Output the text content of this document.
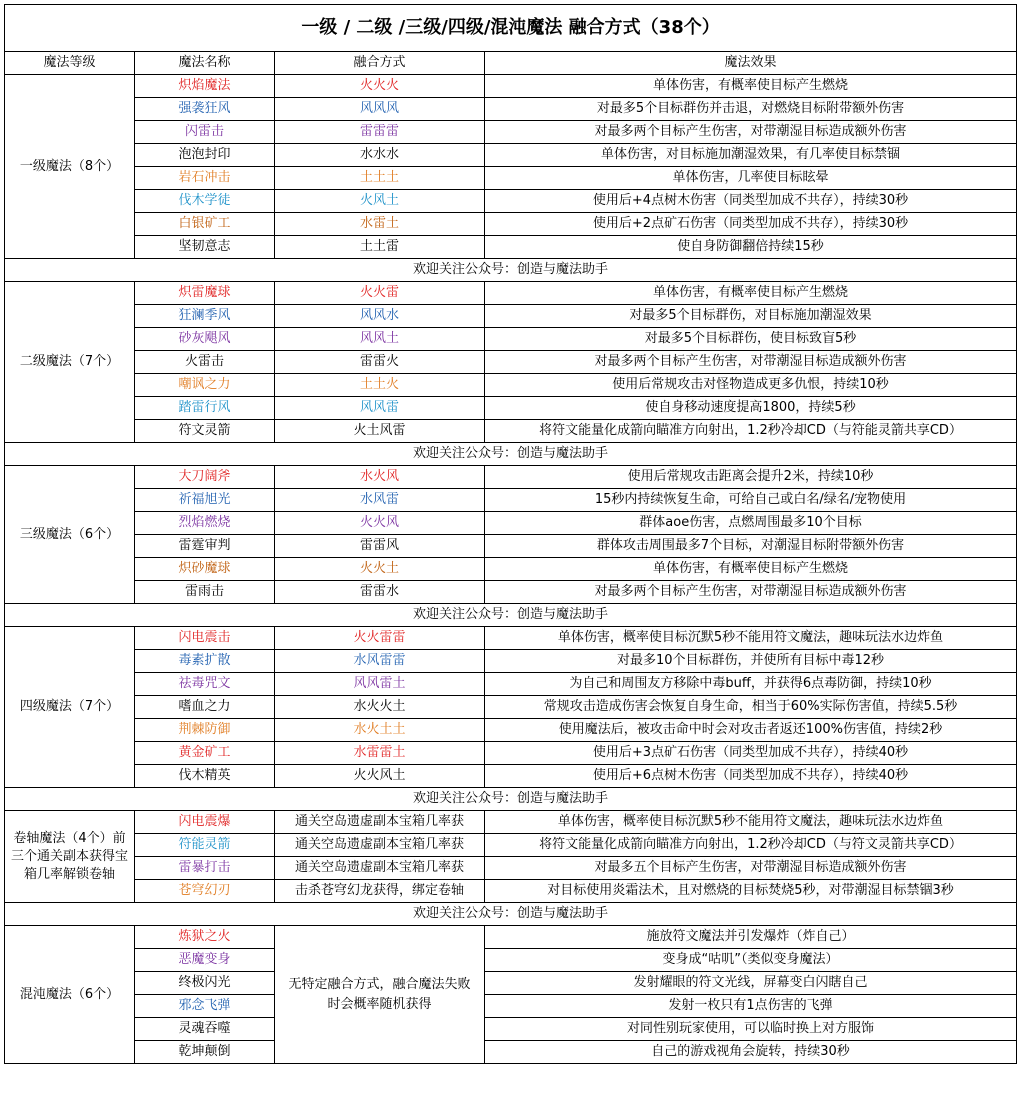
一级 / 二级 /三级/四级/混沌魔法 融合方式（38个）			
魔法等级	魔法名称	融合方式	魔法效果
一级魔法（8个）	炽焰魔法	火火火	单体伤害，有概率使目标产生燃烧
	强袭狂风	风风风	对最多5个目标群伤并击退，对燃烧目标附带额外伤害
	闪雷击	雷雷雷	对最多两个目标产生伤害，对带潮湿目标造成额外伤害
	泡泡封印	水水水	单体伤害，对目标施加潮湿效果，有几率使目标禁锢
	岩石冲击	土土土	单体伤害，几率使目标眩晕
	伐木学徒	火风土	使用后+4点树木伤害（同类型加成不共存），持续30秒
	白银矿工	水雷土	使用后+2点矿石伤害（同类型加成不共存），持续30秒
	坚韧意志	土土雷	使自身防御翻倍持续15秒
欢迎关注公众号：创造与魔法助手			
二级魔法（7个）	炽雷魔球	火火雷	单体伤害，有概率使目标产生燃烧
	狂澜季风	风风水	对最多5个目标群伤，对目标施加潮湿效果
	砂灰飓风	风风土	对最多5个目标群伤，使目标致盲5秒
	火雷击	雷雷火	对最多两个目标产生伤害，对带潮湿目标造成额外伤害
	嘲讽之力	土土火	使用后常规攻击对怪物造成更多仇恨，持续10秒
	踏雷行风	风风雷	使自身移动速度提高1800，持续5秒
	符文灵箭	火土风雷	将符文能量化成箭向瞄准方向射出，1.2秒冷却CD（与符能灵箭共享CD）
欢迎关注公众号：创造与魔法助手			
三级魔法（6个）	大刀阔斧	水火风	使用后常规攻击距离会提升2米，持续10秒
	祈福旭光	水风雷	15秒内持续恢复生命，可给自己或白名/绿名/宠物使用
	烈焰燃烧	火火风	群体aoe伤害，点燃周围最多10个目标
	雷霆审判	雷雷风	群体攻击周围最多7个目标，对潮湿目标附带额外伤害
	炽砂魔球	火火土	单体伤害，有概率使目标产生燃烧
	雷雨击	雷雷水	对最多两个目标产生伤害，对带潮湿目标造成额外伤害
欢迎关注公众号：创造与魔法助手			
四级魔法（7个）	闪电震击	火火雷雷	单体伤害，概率使目标沉默5秒不能用符文魔法，趣味玩法水边炸鱼
	毒素扩散	水风雷雷	对最多10个目标群伤，并使所有目标中毒12秒
	祛毒咒文	风风雷土	为自己和周围友方移除中毒buff，并获得6点毒防御，持续10秒
	嗜血之力	水火火土	常规攻击造成伤害会恢复自身生命，相当于60%实际伤害值，持续5.5秒
	荆棘防御	水火土土	使用魔法后，被攻击命中时会对攻击者返还100%伤害值，持续2秒
	黄金矿工	水雷雷土	使用后+3点矿石伤害（同类型加成不共存），持续40秒
	伐木精英	火火风土	使用后+6点树木伤害（同类型加成不共存），持续40秒
欢迎关注公众号：创造与魔法助手			
卷轴魔法（4个）前三个通关副本获得宝箱几率解锁卷轴	闪电震爆	通关空岛遗虚副本宝箱几率获	单体伤害，概率使目标沉默5秒不能用符文魔法，趣味玩法水边炸鱼
	符能灵箭	通关空岛遗虚副本宝箱几率获	将符文能量化成箭向瞄准方向射出，1.2秒冷却CD（与符文灵箭共享CD）
	雷暴打击	通关空岛遗虚副本宝箱几率获	对最多五个目标产生伤害，对带潮湿目标造成额外伤害
	苍穹幻刃	击杀苍穹幻龙获得，绑定卷轴	对目标使用炎霜法术，且对燃烧的目标焚烧5秒，对带潮湿目标禁锢3秒
欢迎关注公众号：创造与魔法助手			
混沌魔法（6个）	炼狱之火	无特定融合方式，融合魔法失败时会概率随机获得	施放符文魔法并引发爆炸（炸自己）
	恶魔变身		变身成“咕叽”（类似变身魔法）
	终极闪光		发射耀眼的符文光线，屏幕变白闪瞎自己
	邪念飞弹		发射一枚只有1点伤害的飞弹
	灵魂吞噬		对同性别玩家使用，可以临时换上对方服饰
	乾坤颠倒		自己的游戏视角会旋转，持续30秒
